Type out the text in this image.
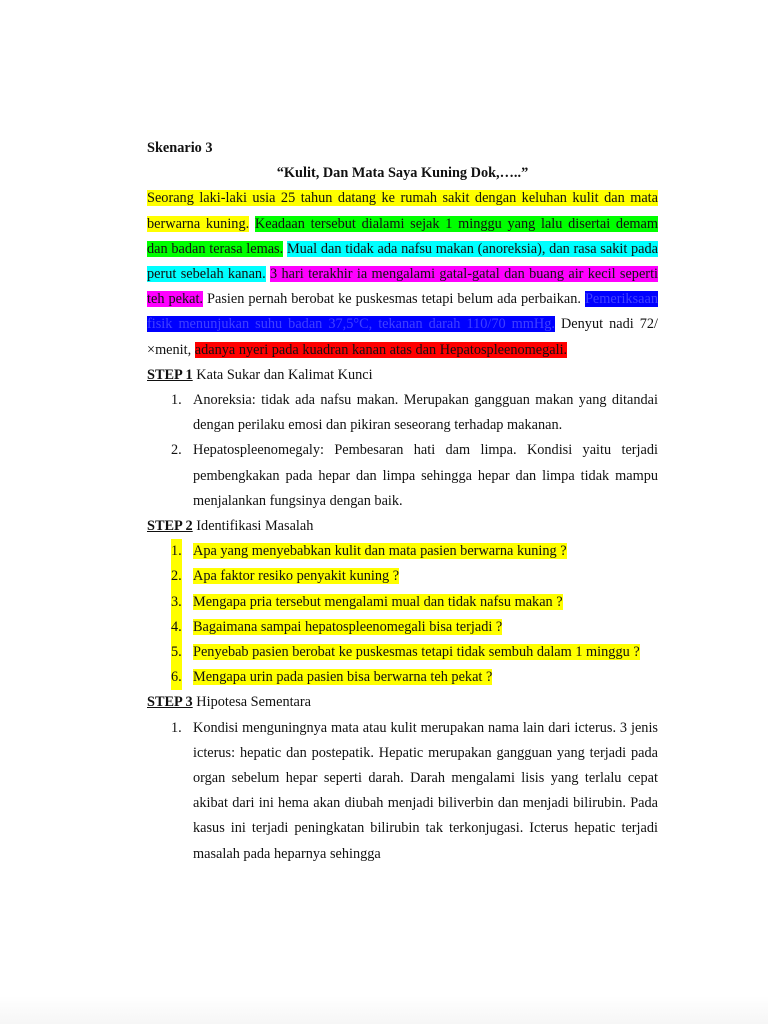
Skenario 3
“Kulit, Dan Mata Saya Kuning Dok,…..”

Seorang laki-laki usia 25 tahun datang ke rumah sakit dengan keluhan kulit dan mata berwarna kuning. Keadaan tersebut dialami sejak 1 minggu yang lalu disertai demam dan badan terasa lemas. Mual dan tidak ada nafsu makan (anoreksia), dan rasa sakit pada perut sebelah kanan. 3 hari terakhir ia mengalami gatal-gatal dan buang air kecil seperti teh pekat. Pasien pernah berobat ke puskesmas tetapi belum ada perbaikan. Pemeriksaan fisik menunjukan suhu badan 37,5°C, tekanan darah 110/70 mmHg. Denyut nadi 72/×menit, adanya nyeri pada kuadran kanan atas dan Hepatospleenomegali.

STEP 1 Kata Sukar dan Kalimat Kunci

1. Anoreksia: tidak ada nafsu makan. Merupakan gangguan makan yang ditandai dengan perilaku emosi dan pikiran seseorang terhadap makanan.
2. Hepatospleenomegaly: Pembesaran hati dam limpa. Kondisi yaitu terjadi pembengkakan pada hepar dan limpa sehingga hepar dan limpa tidak mampu menjalankan fungsinya dengan baik.

STEP 2 Identifikasi Masalah

1. Apa yang menyebabkan kulit dan mata pasien berwarna kuning ?
2. Apa faktor resiko penyakit kuning ?
3. Mengapa pria tersebut mengalami mual dan tidak nafsu makan ?
4. Bagaimana sampai hepatospleenomegali bisa terjadi ?
5. Penyebab pasien berobat ke puskesmas tetapi tidak sembuh dalam 1 minggu ?
6. Mengapa urin pada pasien bisa berwarna teh pekat ?

STEP 3 Hipotesa Sementara

1. Kondisi menguningnya mata atau kulit merupakan nama lain dari icterus. 3 jenis icterus: hepatic dan postepatik. Hepatic merupakan gangguan yang terjadi pada organ sebelum hepar seperti darah. Darah mengalami lisis yang terlalu cepat akibat dari ini hema akan diubah menjadi biliverbin dan menjadi bilirubin. Pada kasus ini terjadi peningkatan bilirubin tak terkonjugasi. Icterus hepatic terjadi masalah pada heparnya sehingga
